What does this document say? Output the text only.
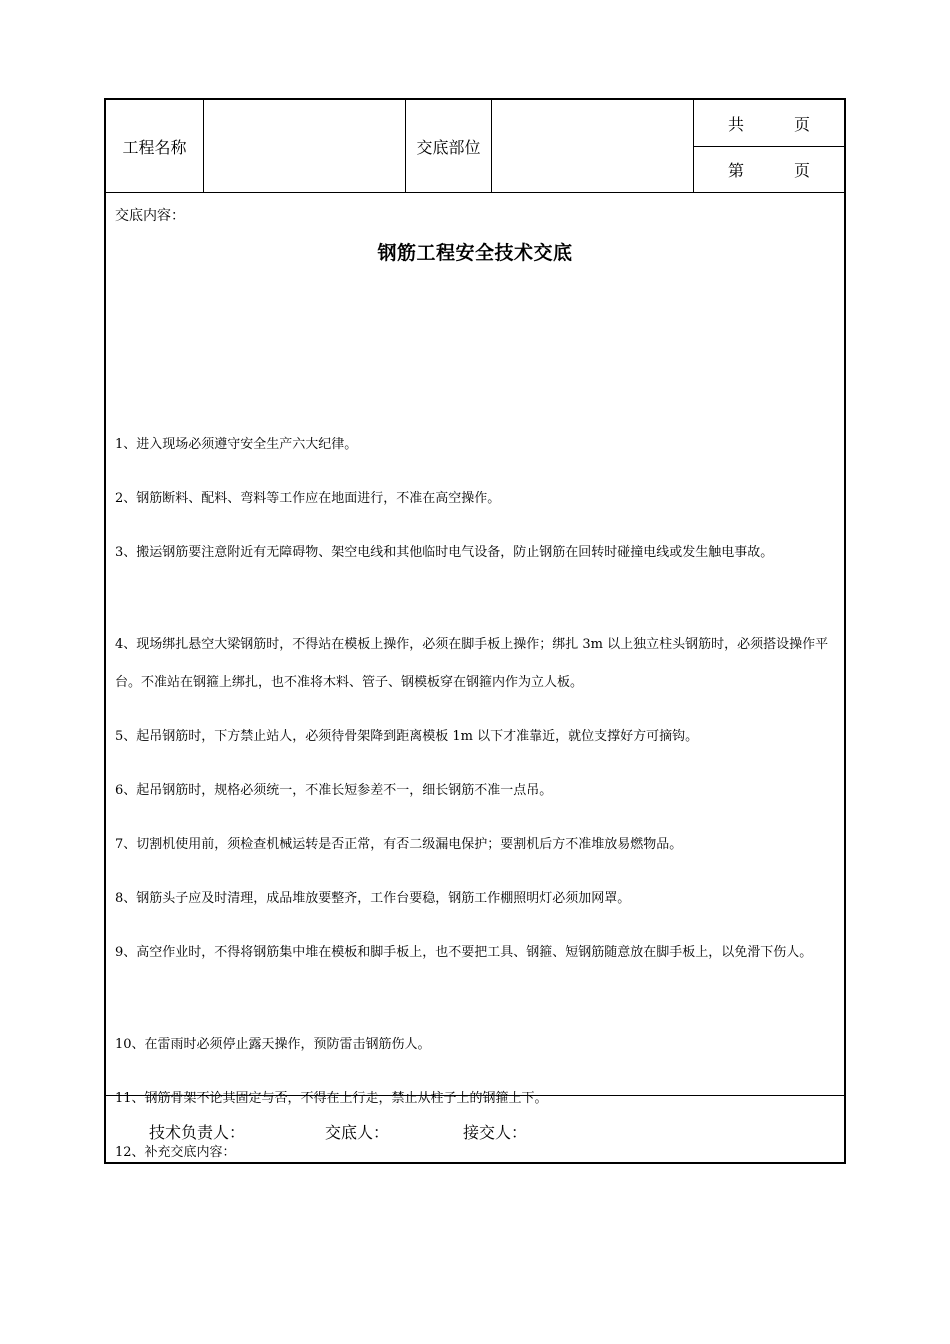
工程名称	交底部位
共	页
第	页
交底内容：
钢筋工程安全技术交底
1、进入现场必须遵守安全生产六大纪律。
2、钢筋断料、配料、弯料等工作应在地面进行，不准在高空操作。
3、搬运钢筋要注意附近有无障碍物、架空电线和其他临时电气设备，防止钢筋在回转时碰撞电线或发生触电事故。
4、现场绑扎悬空大梁钢筋时，不得站在模板上操作，必须在脚手板上操作；绑扎 3m 以上独立柱头钢筋时，必须搭设操作平台。不准站在钢箍上绑扎，也不准将木料、管子、钢模板穿在钢箍内作为立人板。
5、起吊钢筋时，下方禁止站人，必须待骨架降到距离模板 1m 以下才准靠近，就位支撑好方可摘钩。
6、起吊钢筋时，规格必须统一，不准长短参差不一，细长钢筋不准一点吊。
7、切割机使用前，须检查机械运转是否正常，有否二级漏电保护；要割机后方不准堆放易燃物品。
8、钢筋头子应及时清理，成品堆放要整齐，工作台要稳，钢筋工作棚照明灯必须加网罩。
9、高空作业时，不得将钢筋集中堆在模板和脚手板上，也不要把工具、钢箍、短钢筋随意放在脚手板上，以免滑下伤人。
10、在雷雨时必须停止露天操作，预防雷击钢筋伤人。
11、钢筋骨架不论其固定与否，不得在上行走，禁止从柱子上的钢箍上下。
12、补充交底内容：
技术负责人：	交底人：	接交人：
